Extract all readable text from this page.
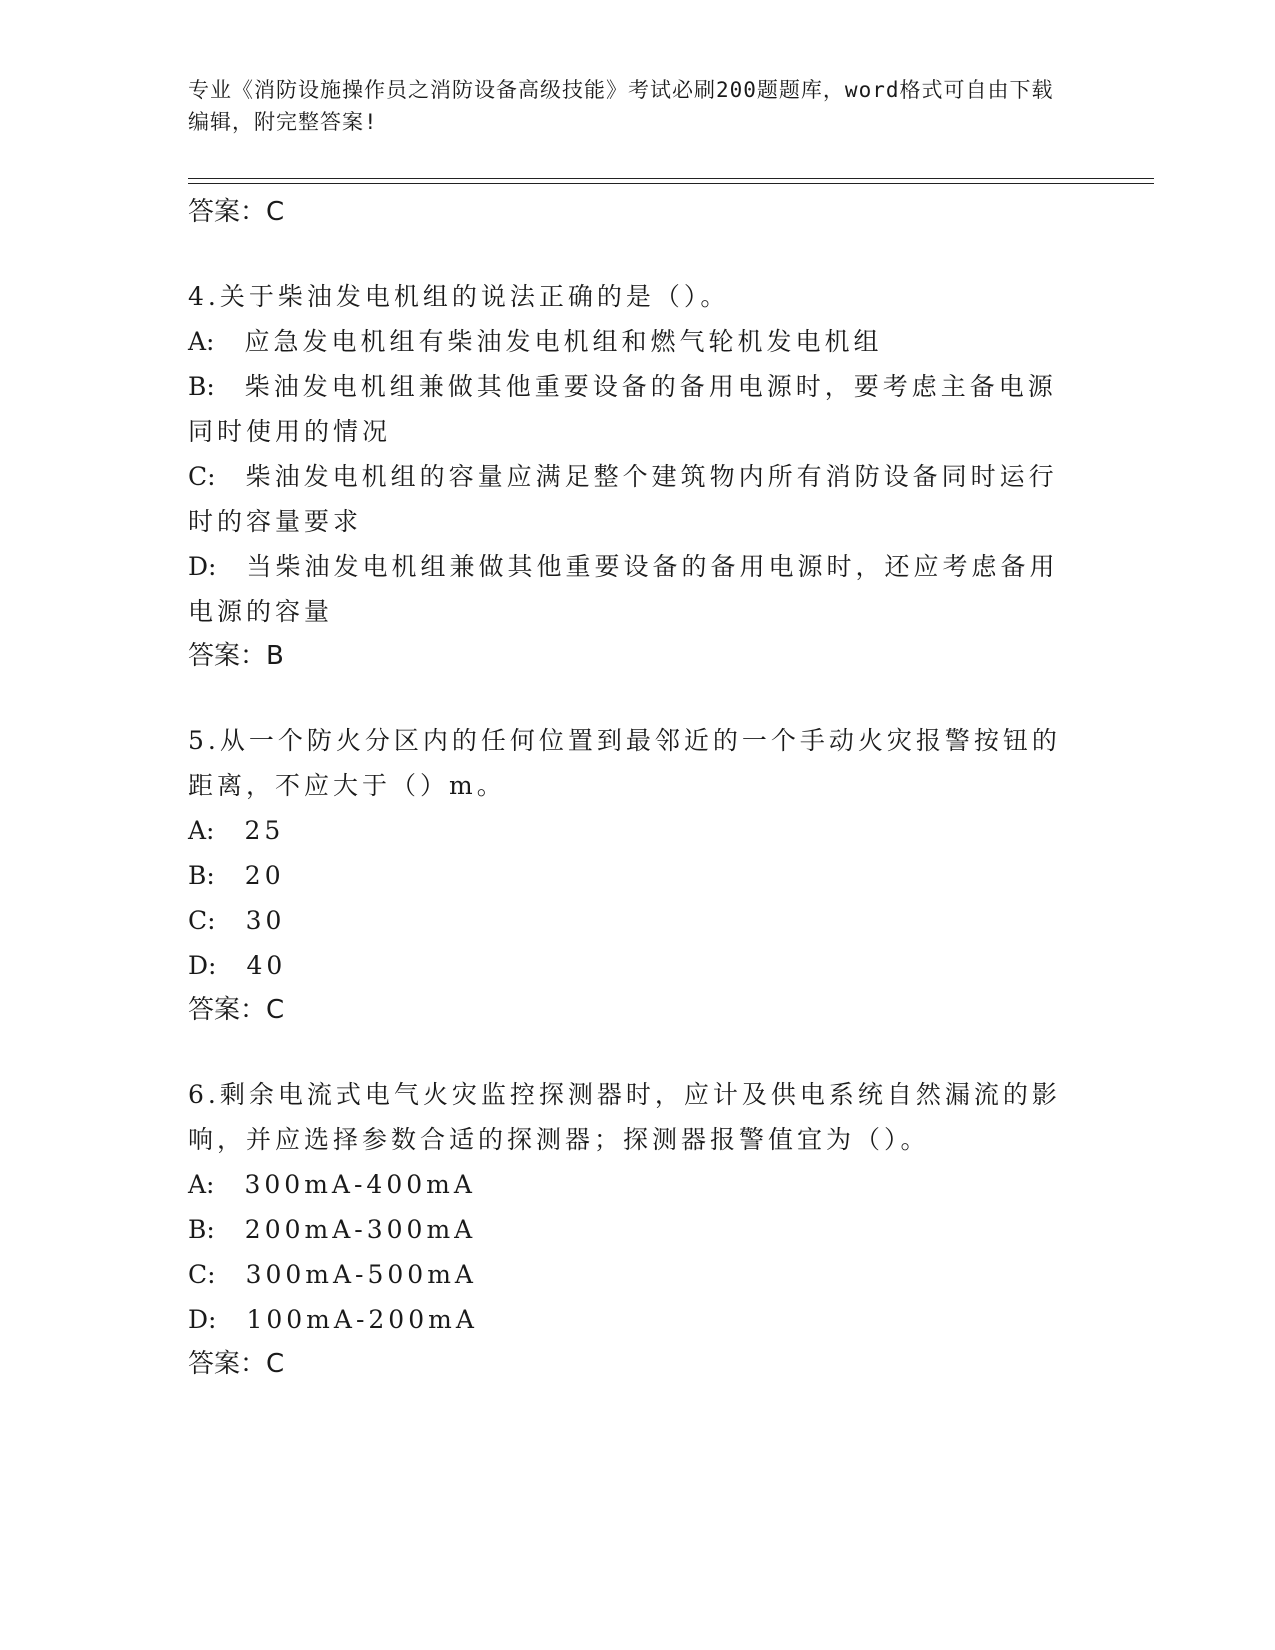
专业《消防设施操作员之消防设备高级技能》考试必刷200题题库，word格式可自由下载编辑，附完整答案!

答案：C

4.关于柴油发电机组的说法正确的是（）。

A: 应急发电机组有柴油发电机组和燃气轮机发电机组

B: 柴油发电机组兼做其他重要设备的备用电源时，要考虑主备电源同时使用的情况

C: 柴油发电机组的容量应满足整个建筑物内所有消防设备同时运行时的容量要求

D: 当柴油发电机组兼做其他重要设备的备用电源时，还应考虑备用电源的容量

答案：B

5.从一个防火分区内的任何位置到最邻近的一个手动火灾报警按钮的距离，不应大于（）m。

A: 25

B: 20

C: 30

D: 40

答案：C

6.剩余电流式电气火灾监控探测器时，应计及供电系统自然漏流的影响，并应选择参数合适的探测器；探测器报警值宜为（）。

A: 300mA-400mA

B: 200mA-300mA

C: 300mA-500mA

D: 100mA-200mA

答案：C
